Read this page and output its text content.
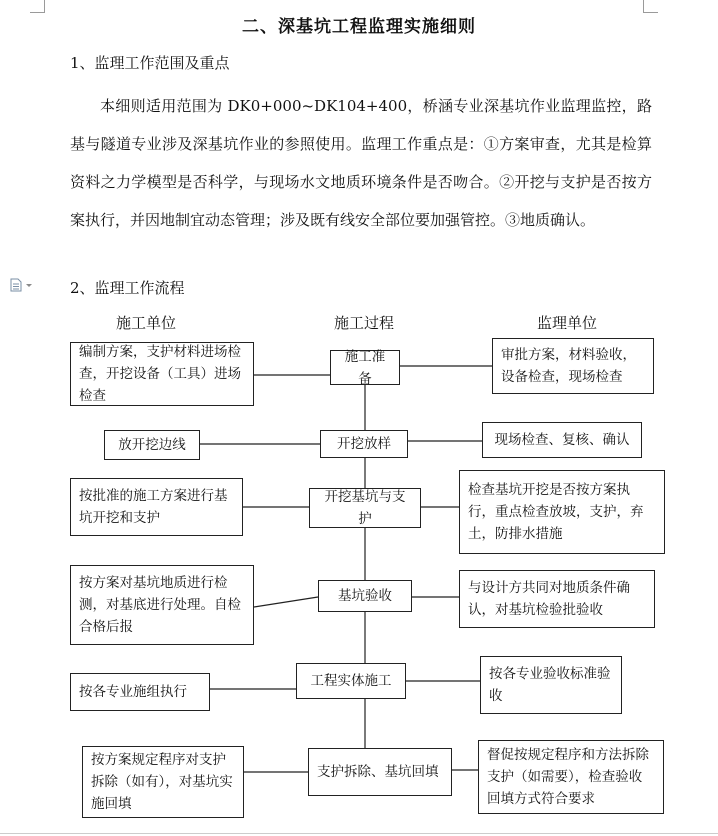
二、深基坑工程监理实施细则
1、监理工作范围及重点
本细则适用范围为 DK0+000~DK104+400，桥涵专业深基坑作业监理监控，路基与隧道专业涉及深基坑作业的参照使用。监理工作重点是：①方案审查，尤其是检算资料之力学模型是否科学，与现场水文地质环境条件是否吻合。②开挖与支护是否按方案执行，并因地制宜动态管理；涉及既有线安全部位要加强管控。③地质确认。
2、监理工作流程
施工单位	施工过程	监理单位
编制方案，支护材料进场检查，开挖设备（工具）进场检查
放开挖边线
按批准的施工方案进行基坑开挖和支护
按方案对基坑地质进行检测，对基底进行处理。自检合格后报
按各专业施组执行
按方案规定程序对支护拆除（如有），对基坑实施回填
施工准备
开挖放样
开挖基坑与支护
基坑验收
工程实体施工
支护拆除、基坑回填
审批方案，材料验收，设备检查，现场检查
现场检查、复核、确认
检查基坑开挖是否按方案执行，重点检查放坡，支护，弃土，防排水措施
与设计方共同对地质条件确认，对基坑检验批验收
按各专业验收标准验收
督促按规定程序和方法拆除支护（如需要），检查验收回填方式符合要求
